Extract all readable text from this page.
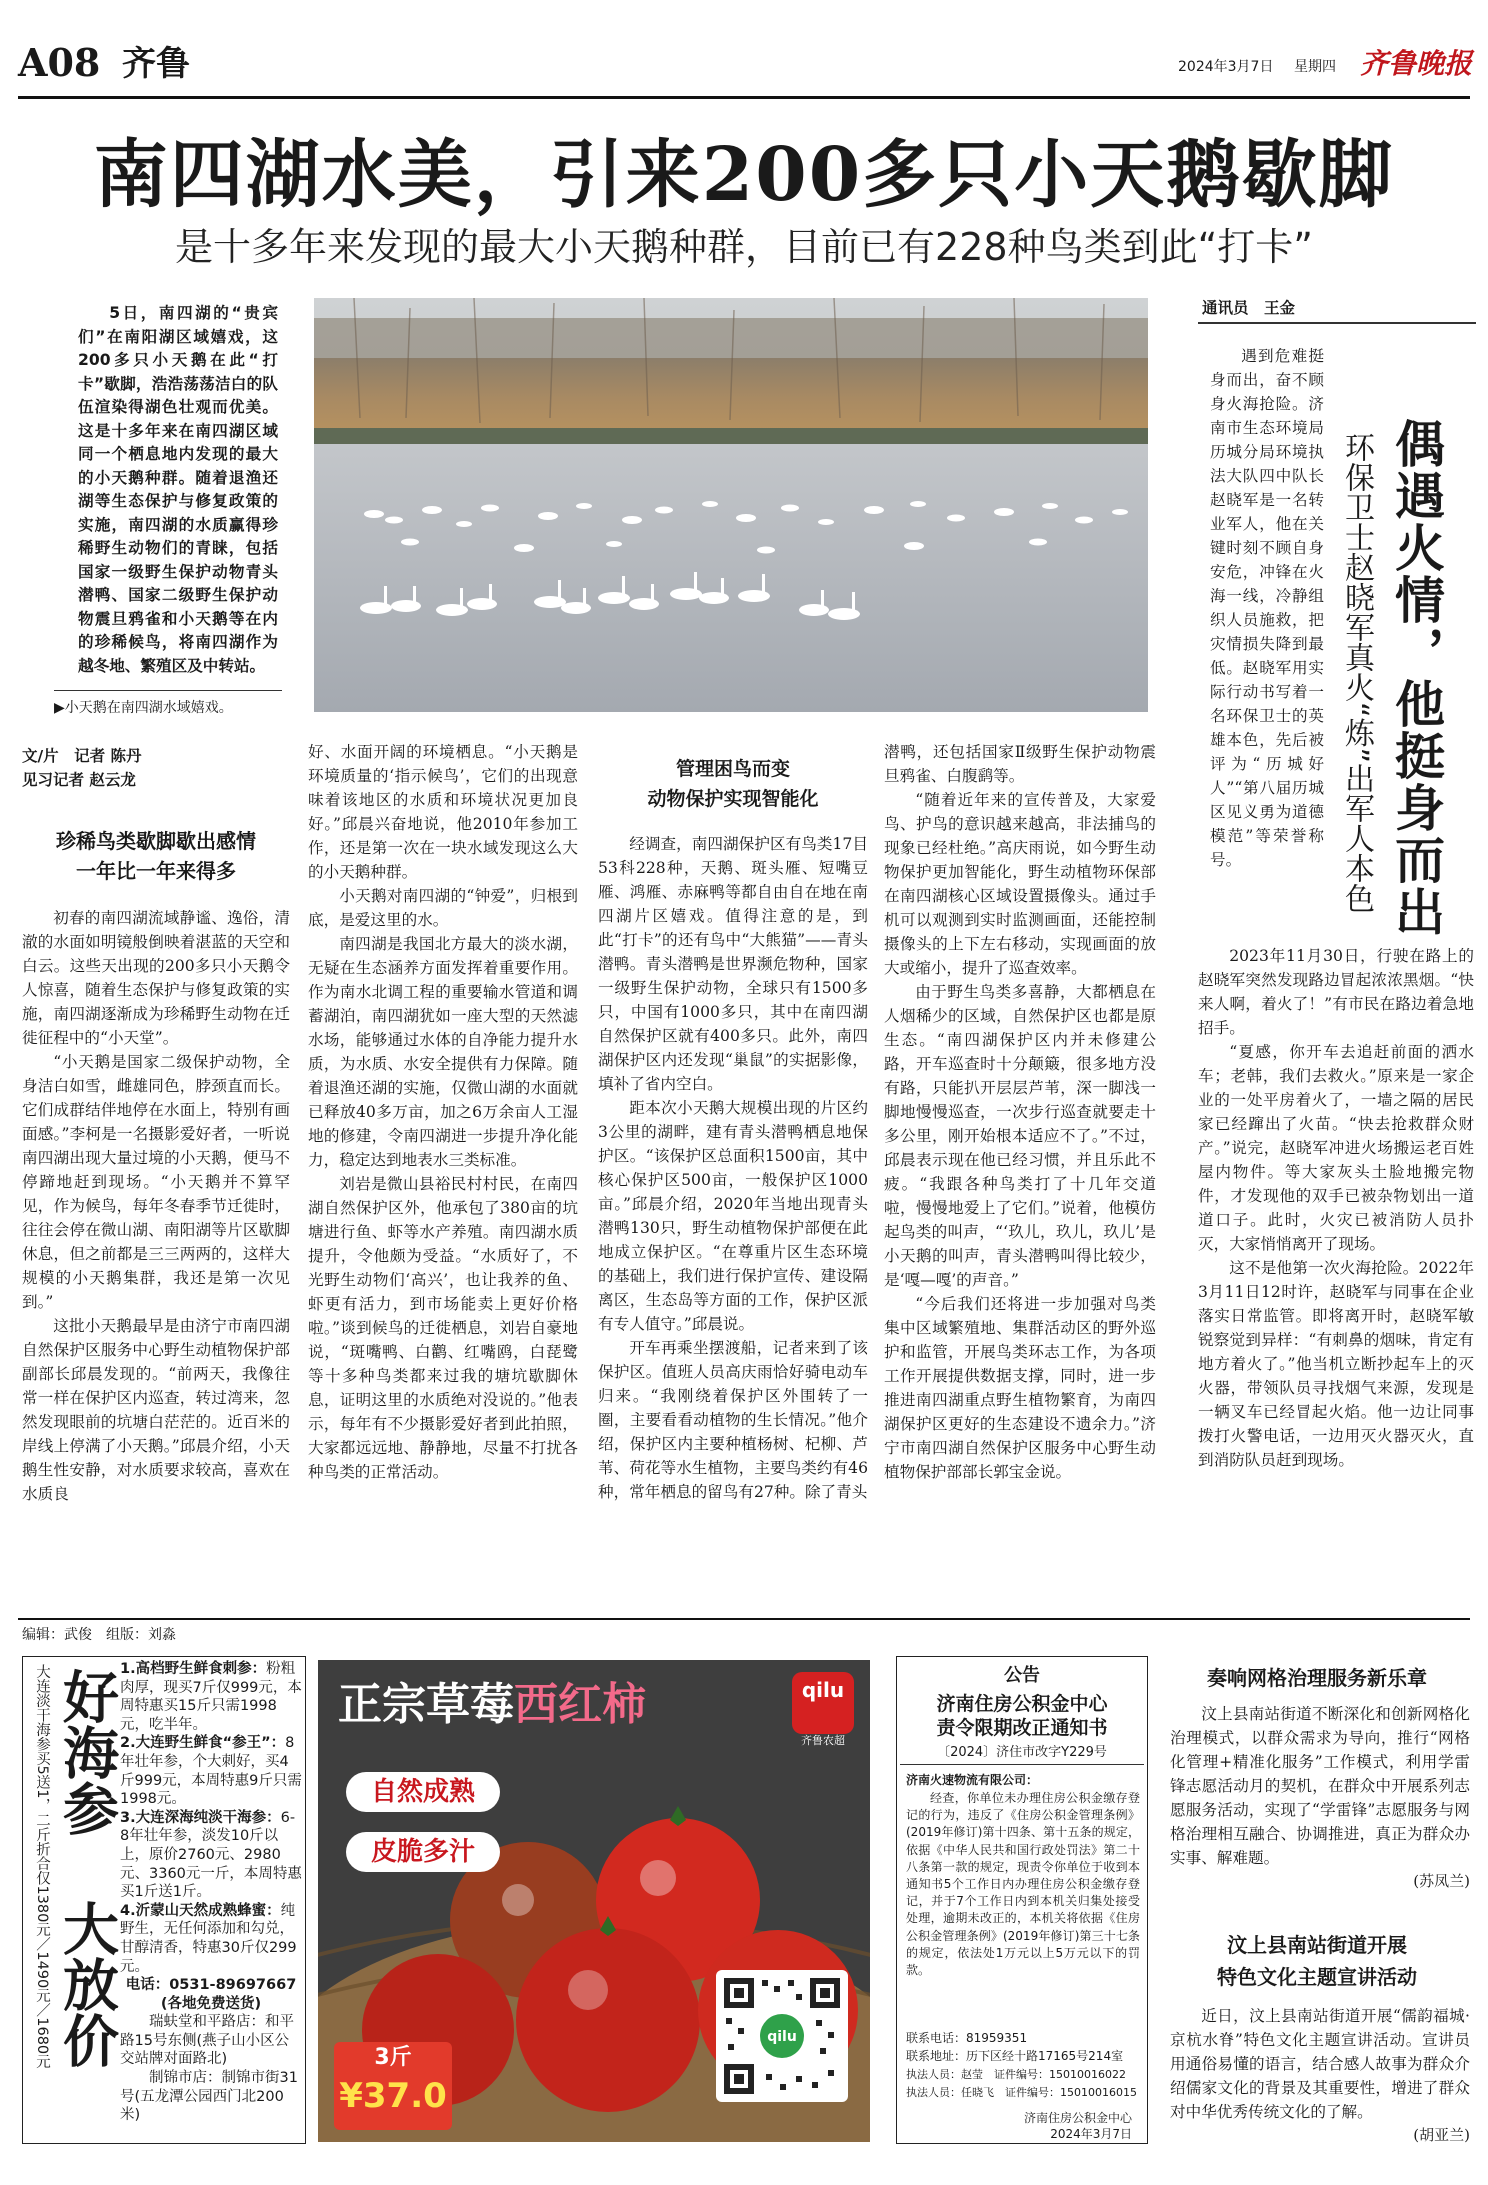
A08 齐鲁	2024年3月7日 星期四 齐鲁晚报
南四湖水美，引来200多只小天鹅歇脚
是十多年来发现的最大小天鹅种群，目前已有228种鸟类到此“打卡”

5日，南四湖的“贵宾们”在南阳湖区域嬉戏，这200多只小天鹅在此“打卡”歇脚，浩浩荡荡洁白的队伍渲染得湖色壮观而优美。这是十多年来在南四湖区域同一个栖息地内发现的最大的小天鹅种群。随着退渔还湖等生态保护与修复政策的实施，南四湖的水质赢得珍稀野生动物们的青睐，包括国家一级野生保护动物青头潜鸭、国家二级野生保护动物震旦鸦雀和小天鹅等在内的珍稀候鸟，将南四湖作为越冬地、繁殖区及中转站。

▶小天鹅在南四湖水域嬉戏。
文/片　记者 陈丹
见习记者 赵云龙
珍稀鸟类歇脚歇出感情
一年比一年来得多

初春的南四湖流域静谧、逸俗，清澈的水面如明镜般倒映着湛蓝的天空和白云。这些天出现的200多只小天鹅令人惊喜，随着生态保护与修复政策的实施，南四湖逐渐成为珍稀野生动物在迁徙征程中的“小天堂”。

“小天鹅是国家二级保护动物，全身洁白如雪，雌雄同色，脖颈直而长。它们成群结伴地停在水面上，特别有画面感。”李柯是一名摄影爱好者，一听说南四湖出现大量过境的小天鹅，便马不停蹄地赶到现场。“小天鹅并不算罕见，作为候鸟，每年冬春季节迁徙时，往往会停在微山湖、南阳湖等片区歇脚休息，但之前都是三三两两的，这样大规模的小天鹅集群，我还是第一次见到。”

这批小天鹅最早是由济宁市南四湖自然保护区服务中心野生动植物保护部副部长邱晨发现的。“前两天，我像往常一样在保护区内巡查，转过湾来，忽然发现眼前的坑塘白茫茫的。近百米的岸线上停满了小天鹅。”邱晨介绍，小天鹅生性安静，对水质要求较高，喜欢在水质良

好、水面开阔的环境栖息。“小天鹅是环境质量的‘指示候鸟’，它们的出现意味着该地区的水质和环境状况更加良好。”邱晨兴奋地说，他2010年参加工作，还是第一次在一块水域发现这么大的小天鹅种群。

小天鹅对南四湖的“钟爱”，归根到底，是爱这里的水。

南四湖是我国北方最大的淡水湖，无疑在生态涵养方面发挥着重要作用。作为南水北调工程的重要输水管道和调蓄湖泊，南四湖犹如一座大型的天然滤水场，能够通过水体的自净能力提升水质，为水质、水安全提供有力保障。随着退渔还湖的实施，仅微山湖的水面就已释放40多万亩，加之6万余亩人工湿地的修建，令南四湖进一步提升净化能力，稳定达到地表水三类标准。

刘岩是微山县裕民村村民，在南四湖自然保护区外，他承包了380亩的坑塘进行鱼、虾等水产养殖。南四湖水质提升，令他颇为受益。“水质好了，不光野生动物们‘高兴’，也让我养的鱼、虾更有活力，到市场能卖上更好价格啦。”谈到候鸟的迁徙栖息，刘岩自豪地说，“斑嘴鸭、白鹳、红嘴鸥，白琵鹭等十多种鸟类都来过我的塘坑歇脚休息，证明这里的水质绝对没说的。”他表示，每年有不少摄影爱好者到此拍照，大家都远远地、静静地，尽量不打扰各种鸟类的正常活动。

管理困鸟而变
动物保护实现智能化

经调查，南四湖保护区有鸟类17目53科228种，天鹅、斑头雁、短嘴豆雁、鸿雁、赤麻鸭等都自由自在地在南四湖片区嬉戏。值得注意的是，到此“打卡”的还有鸟中“大熊猫”——青头潜鸭。青头潜鸭是世界濒危物种，国家一级野生保护动物，全球只有1500多只，中国有1000多只，其中在南四湖自然保护区就有400多只。此外，南四湖保护区内还发现“巢鼠”的实据影像，填补了省内空白。

距本次小天鹅大规模出现的片区约3公里的湖畔，建有青头潜鸭栖息地保护区。“该保护区总面积1500亩，其中核心保护区500亩，一般保护区1000亩。”邱晨介绍，2020年当地出现青头潜鸭130只，野生动植物保护部便在此地成立保护区。“在尊重片区生态环境的基础上，我们进行保护宣传、建设隔离区，生态岛等方面的工作，保护区派有专人值守。”邱晨说。

开车再乘坐摆渡船，记者来到了该保护区。值班人员高庆雨恰好骑电动车归来。“我刚绕着保护区外围转了一圈，主要看看动植物的生长情况。”他介绍，保护区内主要种植杨树、杞柳、芦苇、荷花等水生植物，主要鸟类约有46种，常年栖息的留鸟有27种。除了青头

潜鸭，还包括国家Ⅱ级野生保护动物震旦鸦雀、白腹鹞等。

“随着近年来的宣传普及，大家爱鸟、护鸟的意识越来越高，非法捕鸟的现象已经杜绝。”高庆雨说，如今野生动物保护更加智能化，野生动植物环保部在南四湖核心区域设置摄像头。通过手机可以观测到实时监测画面，还能控制摄像头的上下左右移动，实现画面的放大或缩小，提升了巡查效率。

由于野生鸟类多喜静，大都栖息在人烟稀少的区域，自然保护区也都是原生态。“南四湖保护区内并未修建公路，开车巡查时十分颠簸，很多地方没有路，只能扒开层层芦苇，深一脚浅一脚地慢慢巡查，一次步行巡查就要走十多公里，刚开始根本适应不了。”不过，邱晨表示现在他已经习惯，并且乐此不疲。“我跟各种鸟类打了十几年交道啦，慢慢地爱上了它们。”说着，他模仿起鸟类的叫声，“‘玖儿，玖儿，玖儿’是小天鹅的叫声，青头潜鸭叫得比较少，是‘嘎—嘎’的声音。”

“今后我们还将进一步加强对鸟类集中区域繁殖地、集群活动区的野外巡护和监管，开展鸟类环志工作，为各项工作开展提供数据支撑，同时，进一步推进南四湖重点野生植物繁育，为南四湖保护区更好的生态建设不遗余力。”济宁市南四湖自然保护区服务中心野生动植物保护部部长郭宝金说。

通讯员　王金
偶遇火情，他挺身而出
环保卫士赵晓军真火“炼”出军人本色

遇到危难挺身而出，奋不顾身火海抢险。济南市生态环境局历城分局环境执法大队四中队长赵晓军是一名转业军人，他在关键时刻不顾自身安危，冲锋在火海一线，冷静组织人员施救，把灾情损失降到最低。赵晓军用实际行动书写着一名环保卫士的英雄本色，先后被评为“历城好人”“第八届历城区见义勇为道德模范”等荣誉称号。

2023年11月30日，行驶在路上的赵晓军突然发现路边冒起浓浓黑烟。“快来人啊，着火了！”有市民在路边着急地招手。

“夏感，你开车去追赶前面的洒水车；老韩，我们去救火。”原来是一家企业的一处平房着火了，一墙之隔的居民家已经蹿出了火苗。“快去抢救群众财产。”说完，赵晓军冲进火场搬运老百姓屋内物件。等大家灰头土脸地搬完物件，才发现他的双手已被杂物划出一道道口子。此时，火灾已被消防人员扑灭，大家悄悄离开了现场。

这不是他第一次火海抢险。2022年3月11日12时许，赵晓军与同事在企业落实日常监管。即将离开时，赵晓军敏锐察觉到异样：“有刺鼻的烟味，肯定有地方着火了。”他当机立断抄起车上的灭火器，带领队员寻找烟气来源，发现是一辆叉车已经冒起火焰。他一边让同事拨打火警电话，一边用灭火器灭火，直到消防队员赶到现场。

编辑：武俊　组版：刘淼
大连淡干海参买5送1，二斤折合仅1380元／1490元／1680元 好海参
大放价
1.高档野生鲜食刺参：粉粗肉厚，现买7斤仅999元，本周特惠买15斤只需1998元，吃半年。
2.大连野生鲜食“参王”：8年壮年参，个大刺好，买4斤999元，本周特惠9斤只需1998元。
3.大连深海纯淡干海参：6-8年壮年参，淡发10斤以上，原价2760元、2980元、3360元一斤，本周特惠买1斤送1斤。
4.沂蒙山天然成熟蜂蜜：纯野生，无任何添加和勾兑，甘醇清香，特惠30斤仅299元。
电话：0531-89697667
(各地免费送货)
瑞蚨堂和平路店：和平路15号东侧(燕子山小区公交站牌对面路北)
制锦市店：制锦市街31号(五龙潭公园西门北200米)
正宗草莓西红柿	qilu
齐鲁农超
自然成熟
皮脆多汁
3斤
¥37.0
qilu
公告
济南住房公积金中心
责令限期改正通知书
〔2024〕济住市改字Y229号
济南火速物流有限公司：

经查，你单位未办理住房公积金缴存登记的行为，违反了《住房公积金管理条例》(2019年修订)第十四条、第十五条的规定，依据《中华人民共和国行政处罚法》第二十八条第一款的规定，现责令你单位于收到本通知书5个工作日内办理住房公积金缴存登记，并于7个工作日内到本机关归集处接受处理，逾期未改正的，本机关将依据《住房公积金管理条例》(2019年修订)第三十七条的规定，依法处1万元以上5万元以下的罚款。

联系电话：81959351
联系地址：历下区经十路17165号214室
执法人员：赵莹　证件编号：15010016022
执法人员：任晓飞　证件编号：15010016015
济南住房公积金中心
2024年3月7日
奏响网格治理服务新乐章

汶上县南站街道不断深化和创新网格化治理模式，以群众需求为导向，推行“网格化管理+精准化服务”工作模式，利用学雷锋志愿活动月的契机，在群众中开展系列志愿服务活动，实现了“学雷锋”志愿服务与网格治理相互融合、协调推进，真正为群众办实事、解难题。

(苏凤兰)
汶上县南站街道开展
特色文化主题宣讲活动

近日，汶上县南站街道开展“儒韵福城·京杭水脊”特色文化主题宣讲活动。宣讲员用通俗易懂的语言，结合感人故事为群众介绍儒家文化的背景及其重要性，增进了群众对中华优秀传统文化的了解。

(胡亚兰)
